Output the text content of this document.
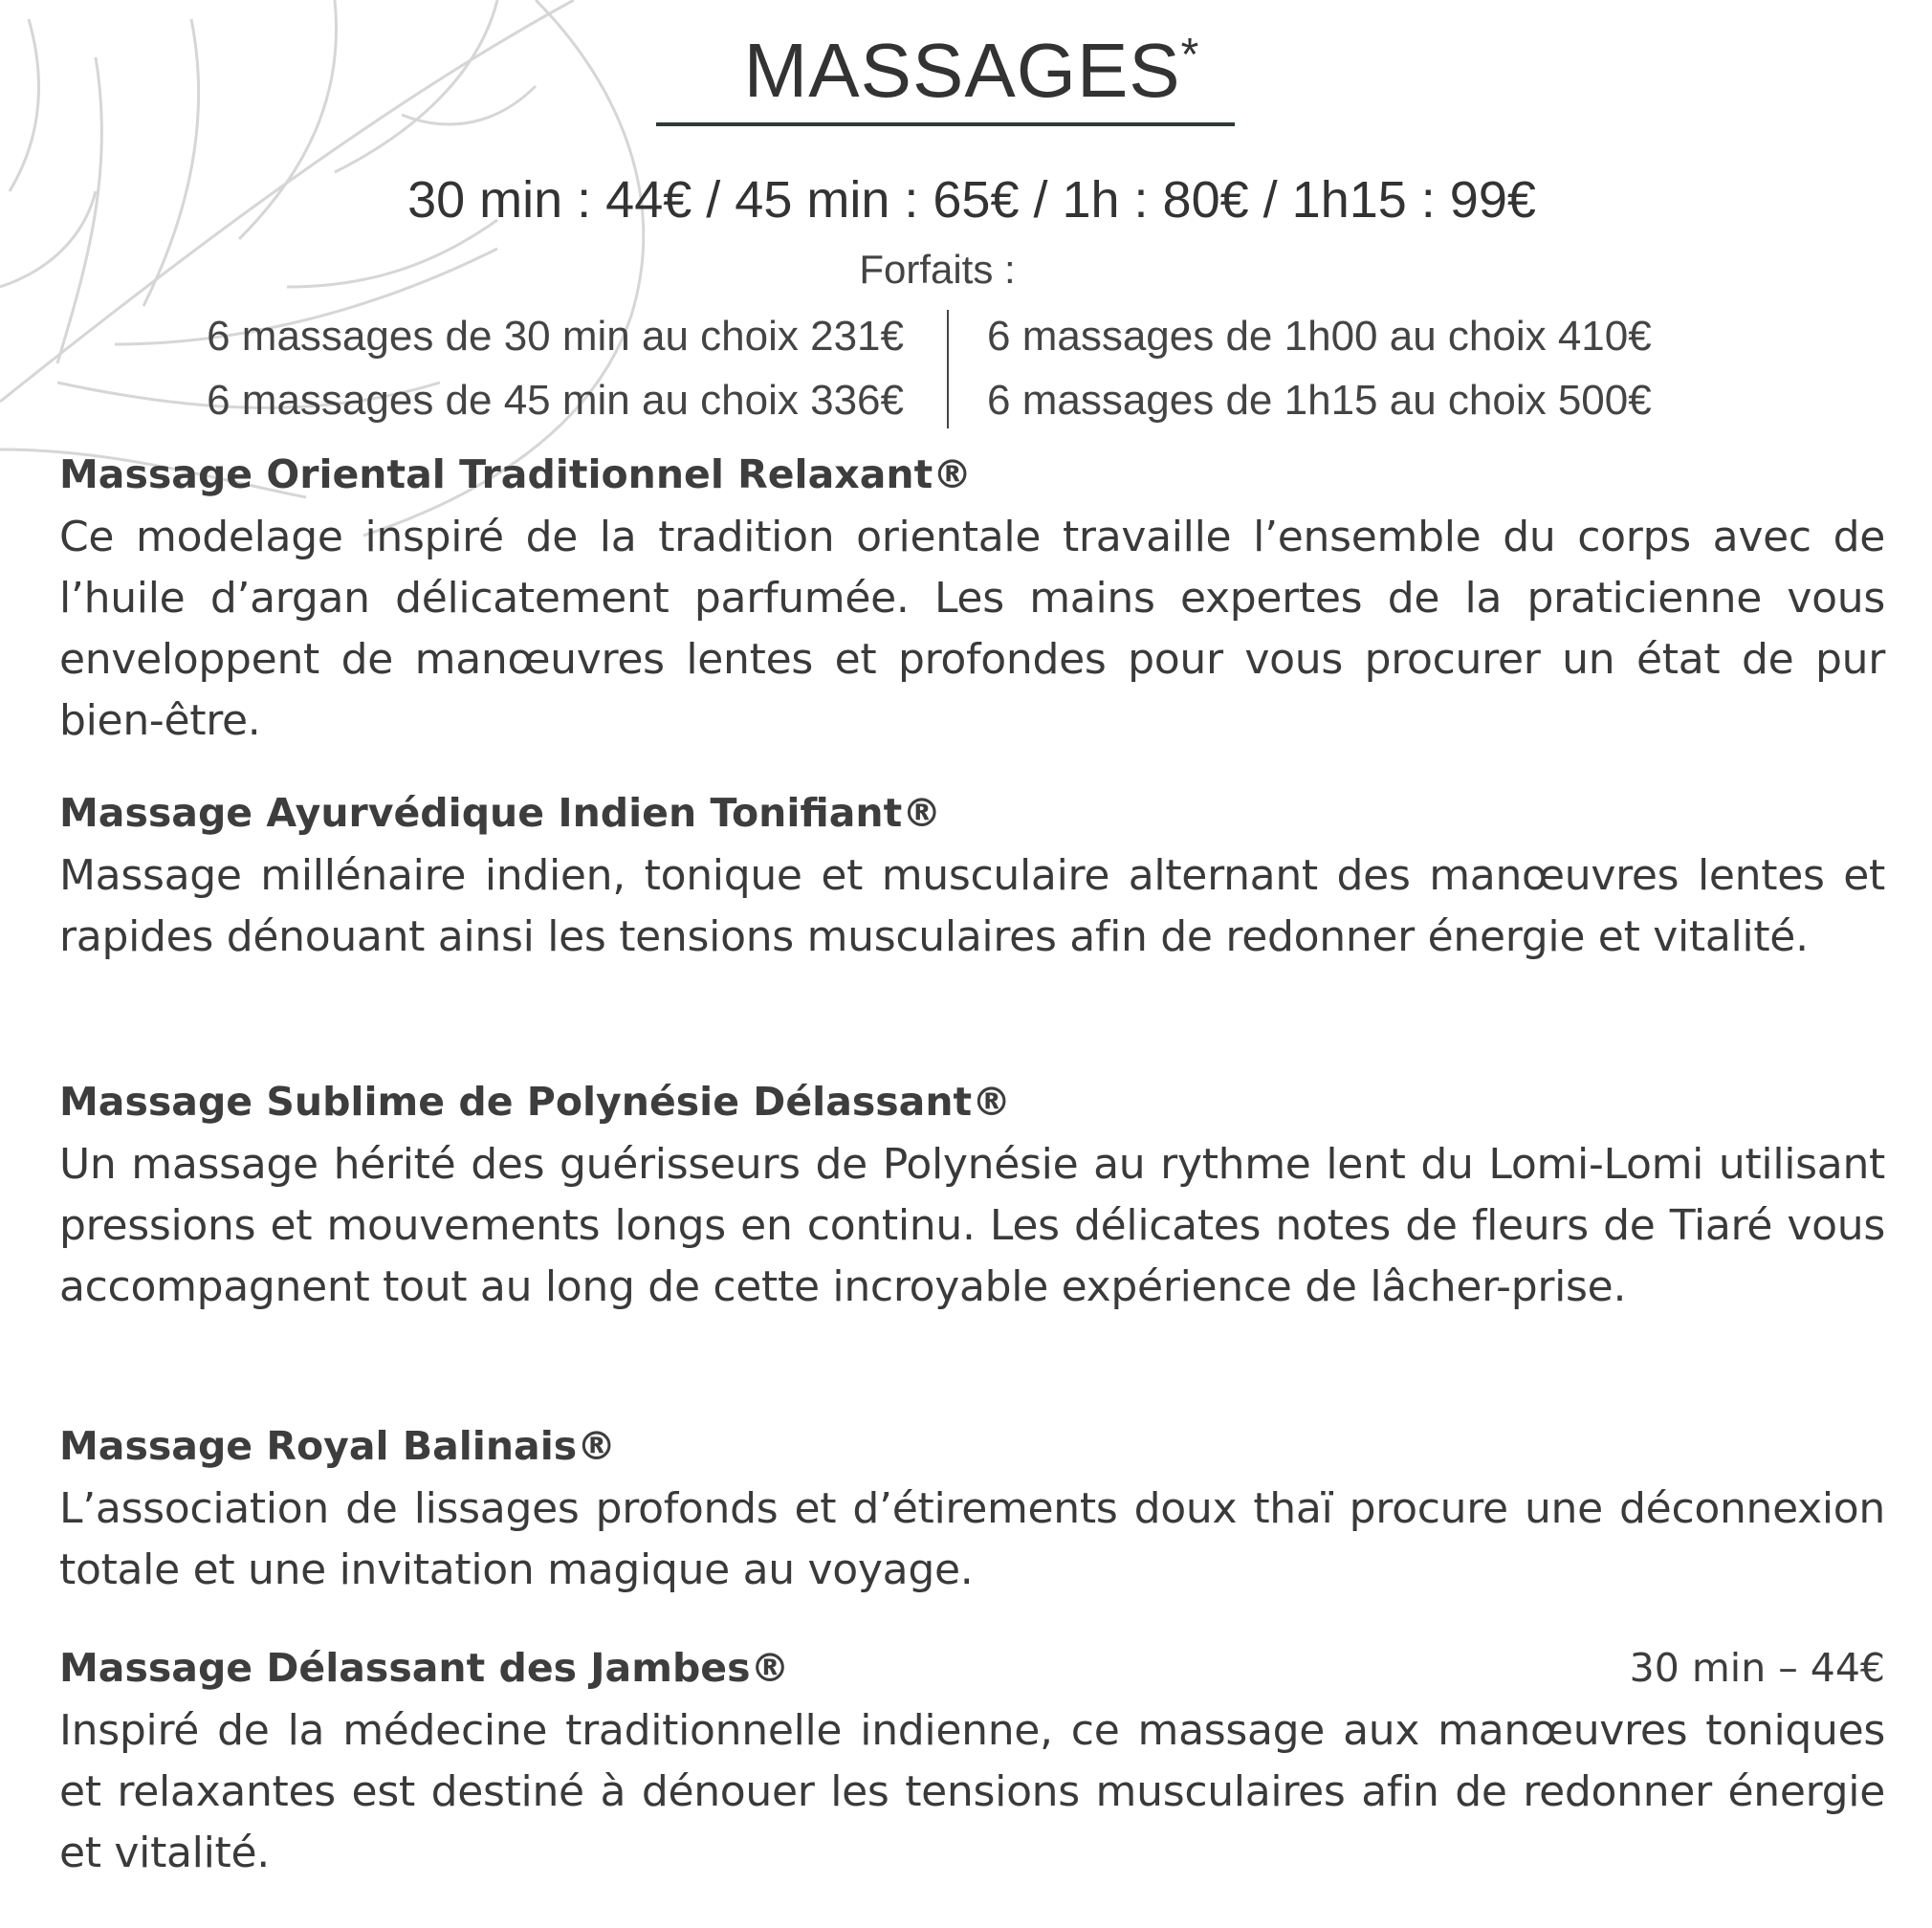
MASSAGES*
30 min : 44€ / 45 min : 65€ / 1h : 80€ / 1h15 : 99€
Forfaits :
6 massages de 30 min au choix 231€
6 massages de 45 min au choix 336€
6 massages de 1h00 au choix 410€
6 massages de 1h15 au choix 500€
Massage Oriental Traditionnel Relaxant®

Ce modelage inspiré de la tradition orientale travaille l’ensemble du corps avec de l’huile d’argan délicatement parfumée. Les mains expertes de la praticienne vous enveloppent de manœuvres lentes et profondes pour vous procurer un état de pur bien-être.

Massage Ayurvédique Indien Tonifiant®

Massage millénaire indien, tonique et musculaire alternant des manœuvres lentes et rapides dénouant ainsi les tensions musculaires afin de redonner énergie et vitalité.

Massage Sublime de Polynésie Délassant®

Un massage hérité des guérisseurs de Polynésie au rythme lent du Lomi-Lomi utilisant pressions et mouvements longs en continu. Les délicates notes de fleurs de Tiaré vous accompagnent tout au long de cette incroyable expérience de lâcher-prise.

Massage Royal Balinais®

L’association de lissages profonds et d’étirements doux thaï procure une déconnexion totale et une invitation magique au voyage.

Massage Délassant des Jambes®	30 min – 44€

Inspiré de la médecine traditionnelle indienne, ce massage aux manœuvres toniques et relaxantes est destiné à dénouer les tensions musculaires afin de redonner énergie et vitalité.
